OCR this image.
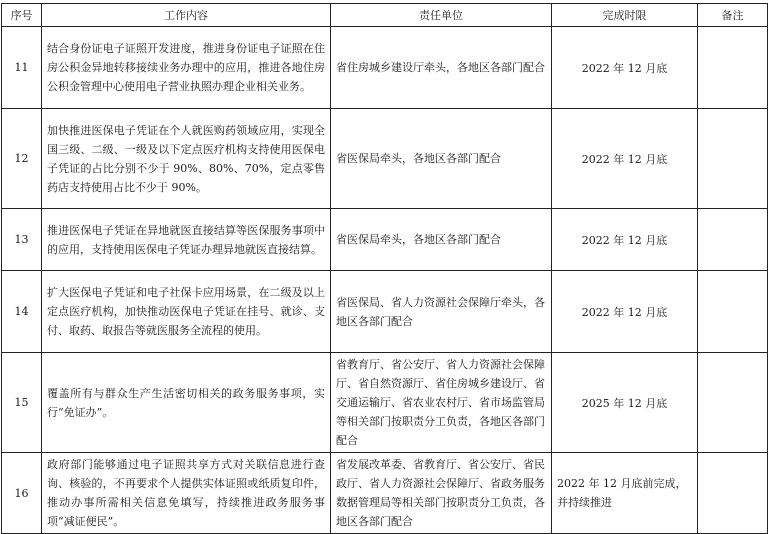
序号	工作内容	责任单位	完成时限	备注
11	结合身份证电子证照开发进度，推进身份证电子证照在住房公积金异地转移接续业务办理中的应用，推进各地住房公积金管理中心使用电子营业执照办理企业相关业务。	省住房城乡建设厅牵头，各地区各部门配合	2022 年 12 月底	
12	加快推进医保电子凭证在个人就医购药领域应用，实现全国三级、二级、一级及以下定点医疗机构支持使用医保电子凭证的占比分别不少于 90%、80%、70%，定点零售药店支持使用占比不少于 90%。	省医保局牵头，各地区各部门配合	2022 年 12 月底	
13	推进医保电子凭证在异地就医直接结算等医保服务事项中的应用，支持使用医保电子凭证办理异地就医直接结算。	省医保局牵头，各地区各部门配合	2022 年 12 月底	
14	扩大医保电子凭证和电子社保卡应用场景，在二级及以上定点医疗机构，加快推动医保电子凭证在挂号、就诊、支付、取药、取报告等就医服务全流程的使用。	省医保局、省人力资源社会保障厅牵头，各地区各部门配合	2022 年 12 月底	
15	覆盖所有与群众生产生活密切相关的政务服务事项，实行“免证办”。	省教育厅、省公安厅、省人力资源社会保障厅、省自然资源厅、省住房城乡建设厅、省交通运输厅、省农业农村厅、省市场监管局等相关部门按职责分工负责，各地区各部门配合	2025 年 12 月底	
16	政府部门能够通过电子证照共享方式对关联信息进行查询、核验的，不再要求个人提供实体证照或纸质复印件，推动办事所需相关信息免填写，持续推进政务服务事项“减证便民”。	省发展改革委、省教育厅、省公安厅、省民政厅、省人力资源社会保障厅、省政务服务数据管理局等相关部门按职责分工负责，各地区各部门配合	2022 年 12 月底前完成，并持续推进	
